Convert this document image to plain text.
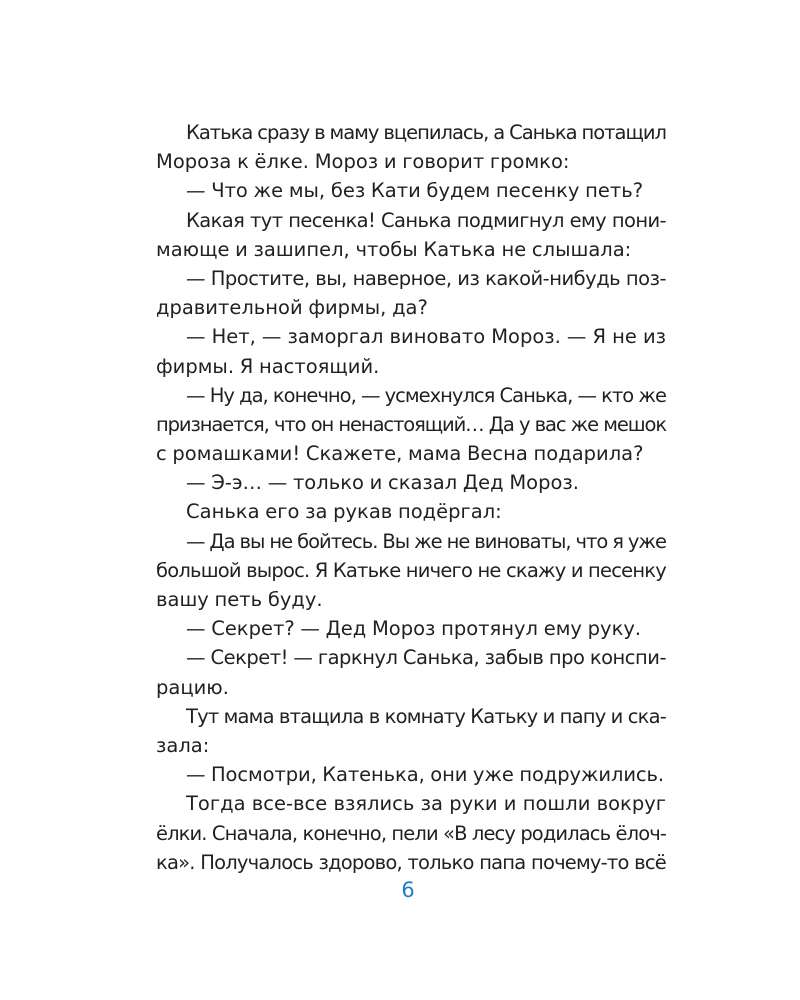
Катька сразу в маму вцепилась, а Санька потащил
Мороза к ёлке. Мороз и говорит громко:
— Что же мы, без Кати будем песенку петь?
Какая тут песенка! Санька подмигнул ему пони-
мающе и зашипел, чтобы Катька не слышала:
— Простите, вы, наверное, из какой-нибудь поз-
дравительной фирмы, да?
— Нет, — заморгал виновато Мороз. — Я не из
фирмы. Я настоящий.
— Ну да, конечно, — усмехнулся Санька, — кто же
признается, что он ненастоящий… Да у вас же мешок
с ромашками! Скажете, мама Весна подарила?
— Э-э… — только и сказал Дед Мороз.
Санька его за рукав подёргал:
— Да вы не бойтесь. Вы же не виноваты, что я уже
большой вырос. Я Катьке ничего не скажу и песенку
вашу петь буду.
— Секрет? — Дед Мороз протянул ему руку.
— Секрет! — гаркнул Санька, забыв про конспи-
рацию.
Тут мама втащила в комнату Катьку и папу и ска-
зала:
— Посмотри, Катенька, они уже подружились.
Тогда все-все взялись за руки и пошли вокруг
ёлки. Сначала, конечно, пели «В лесу родилась ёлоч-
ка». Получалось здорово, только папа почему-то всё
6
